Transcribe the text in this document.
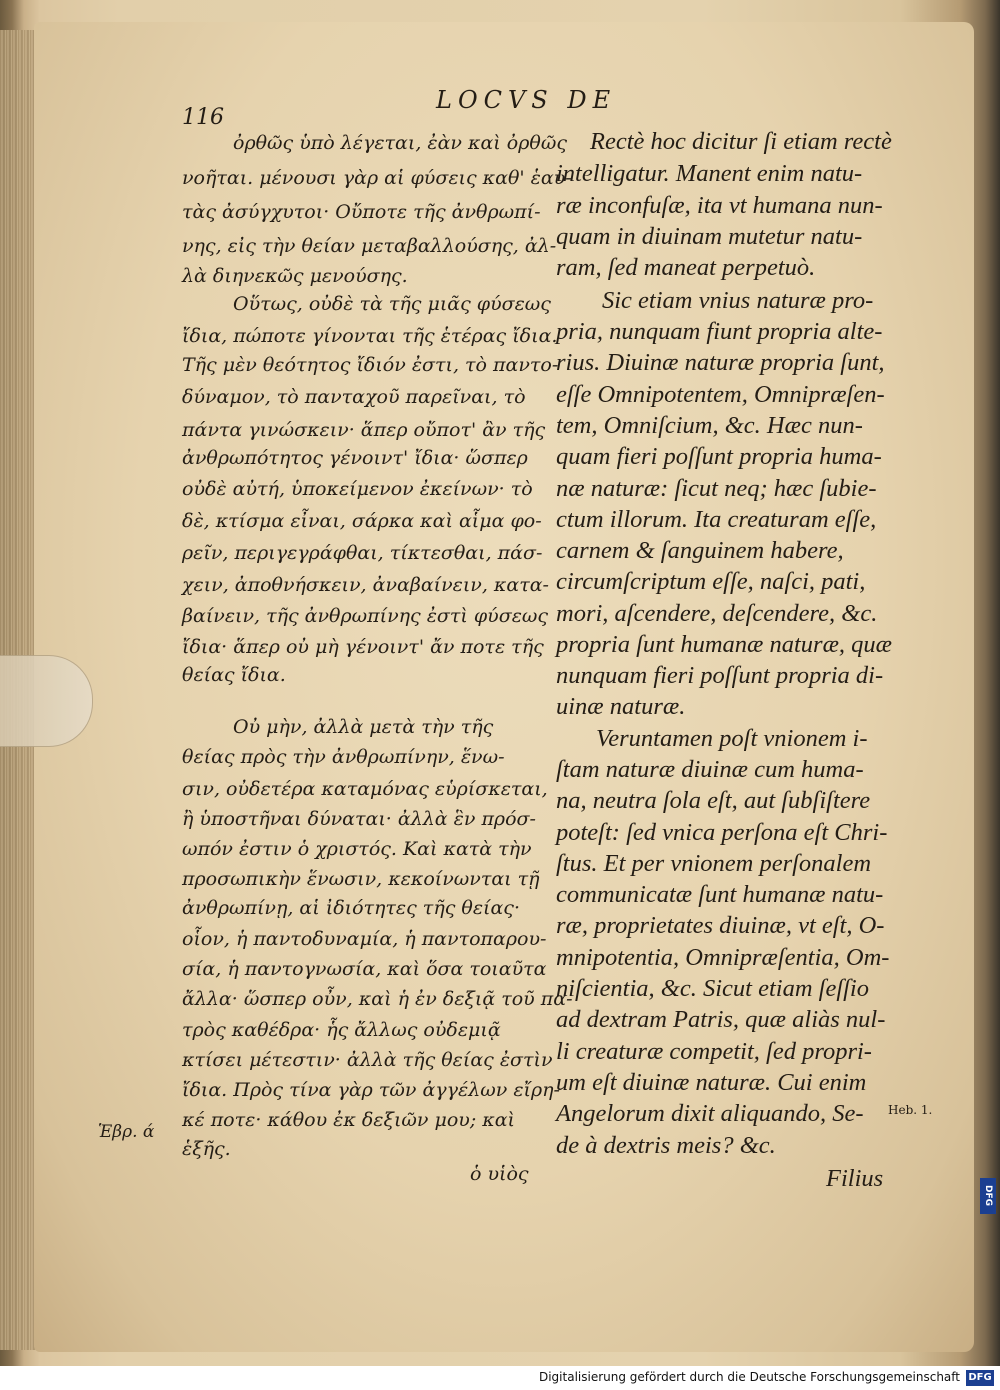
116
LOCVS DE
ὀρθῶς ὑπὸ λέγεται, ἐὰν καὶ ὀρθῶς
νοῆται. μένουσι γὰρ αἱ φύσεις καθ' ἑαυ-
τὰς ἀσύγχυτοι· Οὔποτε τῆς ἀνθρωπί-
νης, εἰς τὴν θείαν μεταβαλλούσης, ἀλ-
λὰ διηνεκῶς μενούσης.
Οὕτως, οὐδὲ τὰ τῆς μιᾶς φύσεως
ἴδια, πώποτε γίνονται τῆς ἑτέρας ἴδια.
Τῆς μὲν θεότητος ἴδιόν ἐστι, τὸ παντο-
δύναμον, τὸ πανταχοῦ παρεῖναι, τὸ
πάντα γινώσκειν· ἅπερ οὔποτ' ἂν τῆς
ἀνθρωπότητος γένοιντ' ἴδια· ὥσπερ
οὐδὲ αὐτή, ὑποκείμενον ἐκείνων· τὸ
δὲ, κτίσμα εἶναι, σάρκα καὶ αἷμα φο-
ρεῖν, περιγεγράφθαι, τίκτεσθαι, πάσ-
χειν, ἀποθνήσκειν, ἀναβαίνειν, κατα-
βαίνειν, τῆς ἀνθρωπίνης ἐστὶ φύσεως
ἴδια· ἅπερ οὐ μὴ γένοιντ' ἄν ποτε τῆς
θείας ἴδια.
Οὐ μὴν, ἀλλὰ μετὰ τὴν τῆς
θείας πρὸς τὴν ἀνθρωπίνην, ἕνω-
σιν, οὐδετέρα καταμόνας εὑρίσκεται,
ἢ ὑποστῆναι δύναται· ἀλλὰ ἓν πρόσ-
ωπόν ἐστιν ὁ χριστός. Καὶ κατὰ τὴν
προσωπικὴν ἕνωσιν, κεκοίνωνται τῇ
ἀνθρωπίνῃ, αἱ ἰδιότητες τῆς θείας·
οἷον, ἡ παντοδυναμία, ἡ παντοπαρου-
σία, ἡ παντογνωσία, καὶ ὅσα τοιαῦτα
ἄλλα· ὥσπερ οὖν, καὶ ἡ ἐν δεξιᾷ τοῦ πα-
τρὸς καθέδρα· ἧς ἄλλως οὐδεμιᾷ
κτίσει μέτεστιν· ἀλλὰ τῆς θείας ἐστὶν
ἴδια. Πρὸς τίνα γὰρ τῶν ἀγγέλων εἴρη-
κέ ποτε· κάθου ἐκ δεξιῶν μου; καὶ
ἑξῆς.
ὁ υἱὸς
Ἑβρ. ά
Rectè hoc dicitur ſi etiam rectè
intelligatur. Manent enim natu-
ræ inconfuſæ, ita vt humana nun-
quam in diuinam mutetur natu-
ram, ſed maneat perpetuò.
Sic etiam vnius naturæ pro-
pria, nunquam fiunt propria alte-
rius. Diuinæ naturæ propria ſunt,
eſſe Omnipotentem, Omnipræſen-
tem, Omniſcium, &c. Hæc nun-
quam fieri poſſunt propria huma-
næ naturæ: ſicut neq; hæc ſubie-
ctum illorum. Ita creaturam eſſe,
carnem & ſanguinem habere,
circumſcriptum eſſe, naſci, pati,
mori, aſcendere, deſcendere, &c.
propria ſunt humanæ naturæ, quæ
nunquam fieri poſſunt propria di-
uinæ naturæ.
Veruntamen poſt vnionem i-
ſtam naturæ diuinæ cum huma-
na, neutra ſola eſt, aut ſubſiſtere
poteſt: ſed vnica perſona eſt Chri-
ſtus. Et per vnionem perſonalem
communicatæ ſunt humanæ natu-
ræ, proprietates diuinæ, vt eſt, O-
mnipotentia, Omnipræſentia, Om-
niſcientia, &c. Sicut etiam ſeſſio
ad dextram Patris, quæ aliàs nul-
li creaturæ competit, ſed propri-
um eſt diuinæ naturæ. Cui enim
Angelorum dixit aliquando, Se-
de à dextris meis? &c.
Filius
Heb. 1.
DFG
Digitalisierung gefördert durch die Deutsche Forschungsgemeinschaft DFG
